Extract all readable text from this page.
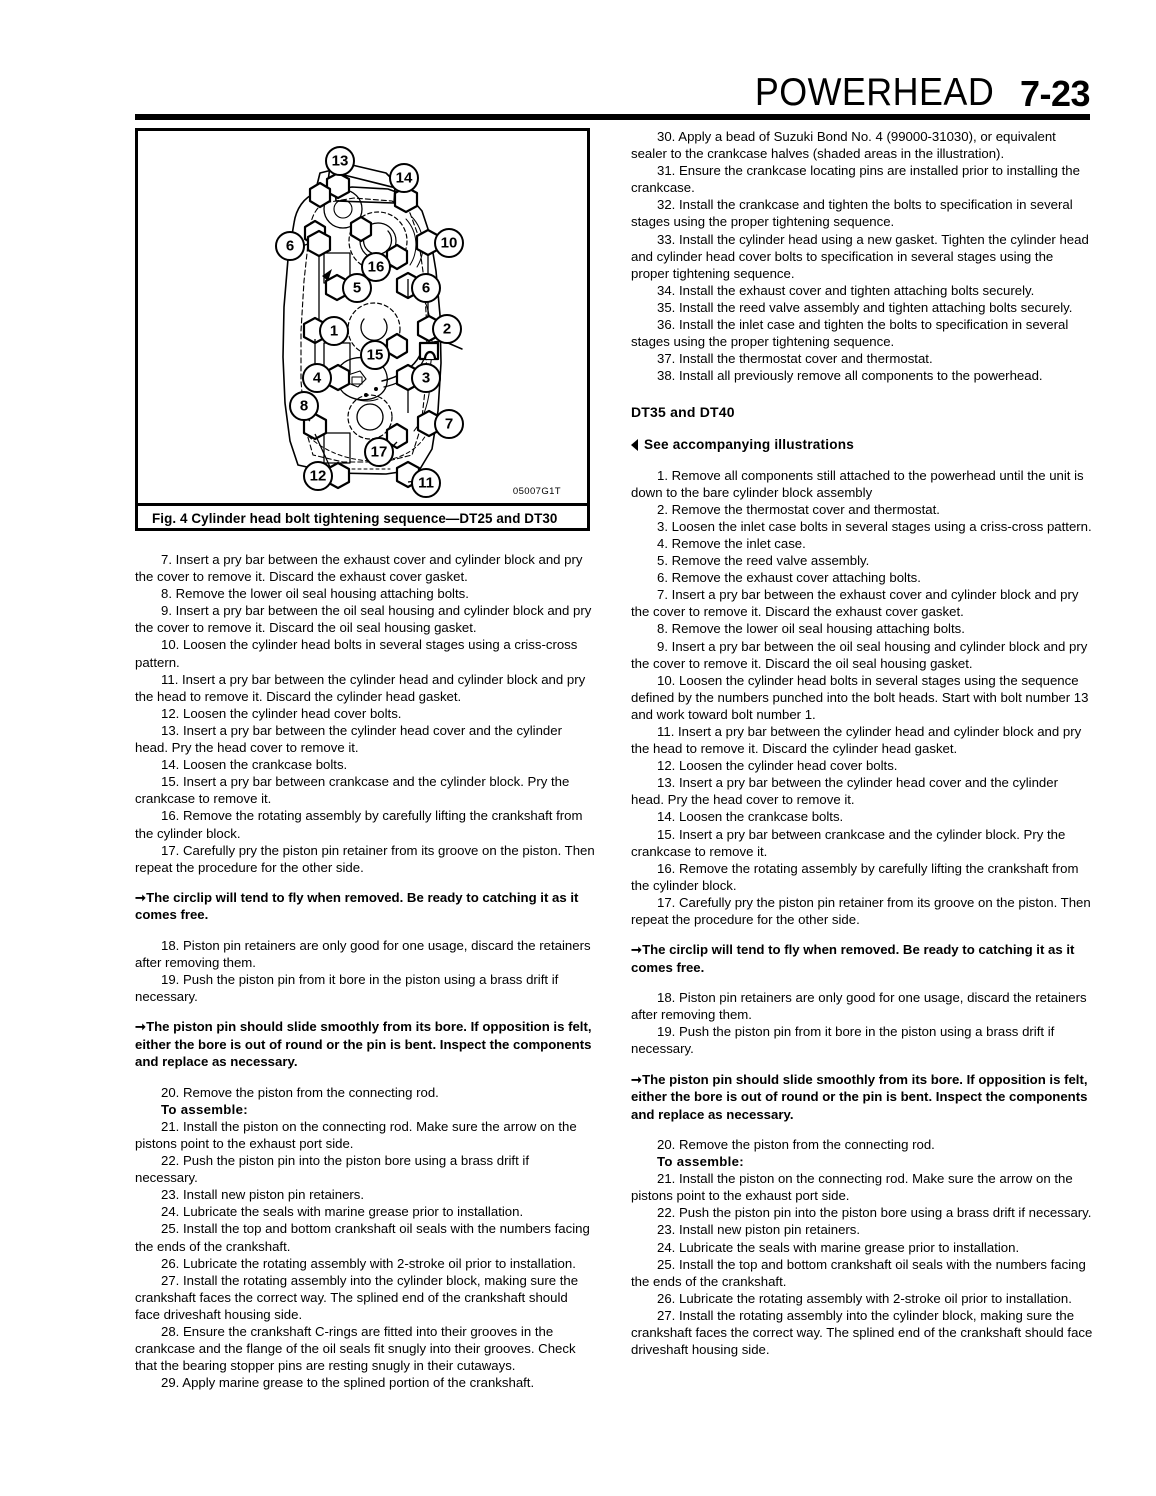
POWERHEAD 7-23
13
14
6	10
16
5	6
1	2
15
4	3
8
7
17
12	11	05007G1T
Fig. 4 Cylinder head bolt tightening sequence—DT25 and DT30

7. Insert a pry bar between the exhaust cover and cylinder block and pry the cover to remove it. Discard the exhaust cover gasket.

8. Remove the lower oil seal housing attaching bolts.

9. Insert a pry bar between the oil seal housing and cylinder block and pry the cover to remove it. Discard the oil seal housing gasket.

10. Loosen the cylinder head bolts in several stages using a criss-cross pattern.

11. Insert a pry bar between the cylinder head and cylinder block and pry the head to remove it. Discard the cylinder head gasket.

12. Loosen the cylinder head cover bolts.

13. Insert a pry bar between the cylinder head cover and the cylinder head. Pry the head cover to remove it.

14. Loosen the crankcase bolts.

15. Insert a pry bar between crankcase and the cylinder block. Pry the crankcase to remove it.

16. Remove the rotating assembly by carefully lifting the crankshaft from the cylinder block.

17. Carefully pry the piston pin retainer from its groove on the piston. Then repeat the procedure for the other side.

➞The circlip will tend to fly when removed. Be ready to catching it as it comes free.

18. Piston pin retainers are only good for one usage, discard the retainers after removing them.

19. Push the piston pin from it bore in the piston using a brass drift if necessary.

➞The piston pin should slide smoothly from its bore. If opposition is felt, either the bore is out of round or the pin is bent. Inspect the components and replace as necessary.

20. Remove the piston from the connecting rod.

To assemble:

21. Install the piston on the connecting rod. Make sure the arrow on the pistons point to the exhaust port side.

22. Push the piston pin into the piston bore using a brass drift if necessary.

23. Install new piston pin retainers.

24. Lubricate the seals with marine grease prior to installation.

25. Install the top and bottom crankshaft oil seals with the numbers facing the ends of the crankshaft.

26. Lubricate the rotating assembly with 2-stroke oil prior to installation.

27. Install the rotating assembly into the cylinder block, making sure the crankshaft faces the correct way. The splined end of the crankshaft should face driveshaft housing side.

28. Ensure the crankshaft C-rings are fitted into their grooves in the crankcase and the flange of the oil seals fit snugly into their grooves. Check that the bearing stopper pins are resting snugly in their cutaways.

29. Apply marine grease to the splined portion of the crankshaft.

30. Apply a bead of Suzuki Bond No. 4 (99000-31030), or equivalent sealer to the crankcase halves (shaded areas in the illustration).

31. Ensure the crankcase locating pins are installed prior to installing the crankcase.

32. Install the crankcase and tighten the bolts to specification in several stages using the proper tightening sequence.

33. Install the cylinder head using a new gasket. Tighten the cylinder head and cylinder head cover bolts to specification in several stages using the proper tightening sequence.

34. Install the exhaust cover and tighten attaching bolts securely.

35. Install the reed valve assembly and tighten attaching bolts securely.

36. Install the inlet case and tighten the bolts to specification in several stages using the proper tightening sequence.

37. Install the thermostat cover and thermostat.

38. Install all previously remove all components to the powerhead.

DT35 and DT40

See accompanying illustrations

1. Remove all components still attached to the powerhead until the unit is down to the bare cylinder block assembly

2. Remove the thermostat cover and thermostat.

3. Loosen the inlet case bolts in several stages using a criss-cross pattern.

4. Remove the inlet case.

5. Remove the reed valve assembly.

6. Remove the exhaust cover attaching bolts.

7. Insert a pry bar between the exhaust cover and cylinder block and pry the cover to remove it. Discard the exhaust cover gasket.

8. Remove the lower oil seal housing attaching bolts.

9. Insert a pry bar between the oil seal housing and cylinder block and pry the cover to remove it. Discard the oil seal housing gasket.

10. Loosen the cylinder head bolts in several stages using the sequence defined by the numbers punched into the bolt heads. Start with bolt number 13 and work toward bolt number 1.

11. Insert a pry bar between the cylinder head and cylinder block and pry the head to remove it. Discard the cylinder head gasket.

12. Loosen the cylinder head cover bolts.

13. Insert a pry bar between the cylinder head cover and the cylinder head. Pry the head cover to remove it.

14. Loosen the crankcase bolts.

15. Insert a pry bar between crankcase and the cylinder block. Pry the crankcase to remove it.

16. Remove the rotating assembly by carefully lifting the crankshaft from the cylinder block.

17. Carefully pry the piston pin retainer from its groove on the piston. Then repeat the procedure for the other side.

➞The circlip will tend to fly when removed. Be ready to catching it as it comes free.

18. Piston pin retainers are only good for one usage, discard the retainers after removing them.

19. Push the piston pin from it bore in the piston using a brass drift if necessary.

➞The piston pin should slide smoothly from its bore. If opposition is felt, either the bore is out of round or the pin is bent. Inspect the components and replace as necessary.

20. Remove the piston from the connecting rod.

To assemble:

21. Install the piston on the connecting rod. Make sure the arrow on the pistons point to the exhaust port side.

22. Push the piston pin into the piston bore using a brass drift if necessary.

23. Install new piston pin retainers.

24. Lubricate the seals with marine grease prior to installation.

25. Install the top and bottom crankshaft oil seals with the numbers facing the ends of the crankshaft.

26. Lubricate the rotating assembly with 2-stroke oil prior to installation.

27. Install the rotating assembly into the cylinder block, making sure the crankshaft faces the correct way. The splined end of the crankshaft should face driveshaft housing side.
